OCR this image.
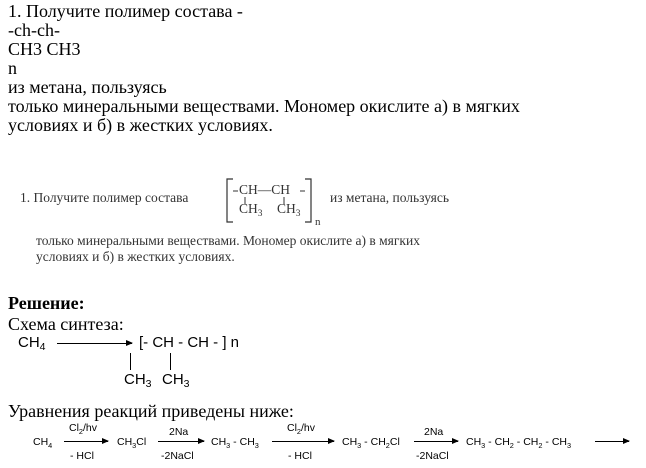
1. Получите полимер состава -
-ch-ch-
CH3 CH3
n
из метана, пользуясь
только минеральными веществами. Мономер окислите а) в мягких
условиях и б) в жестких условиях.
1. Получите полимер состава
CH—CH
$CH_3$ $CH_3$
n
из метана, пользуясь
только минеральными веществами. Мономер окислите а) в мягких
условиях и б) в жестких условиях.
Решение:
Схема синтеза:
$CH_4$	[- CH - CH - ] n
$CH_3$ $CH_3$
Уравнения реакций приведены ниже:
$CH_4$
$Cl_2/hv$
- HCl
$CH_3Cl$
2Na
-2NaCl
$CH_3 - CH_3$
$Cl_2/hv$
- HCl
$CH_3 - CH_2Cl$
2Na
-2NaCl
$CH_3 - CH_2 - CH_2 - CH_3$
